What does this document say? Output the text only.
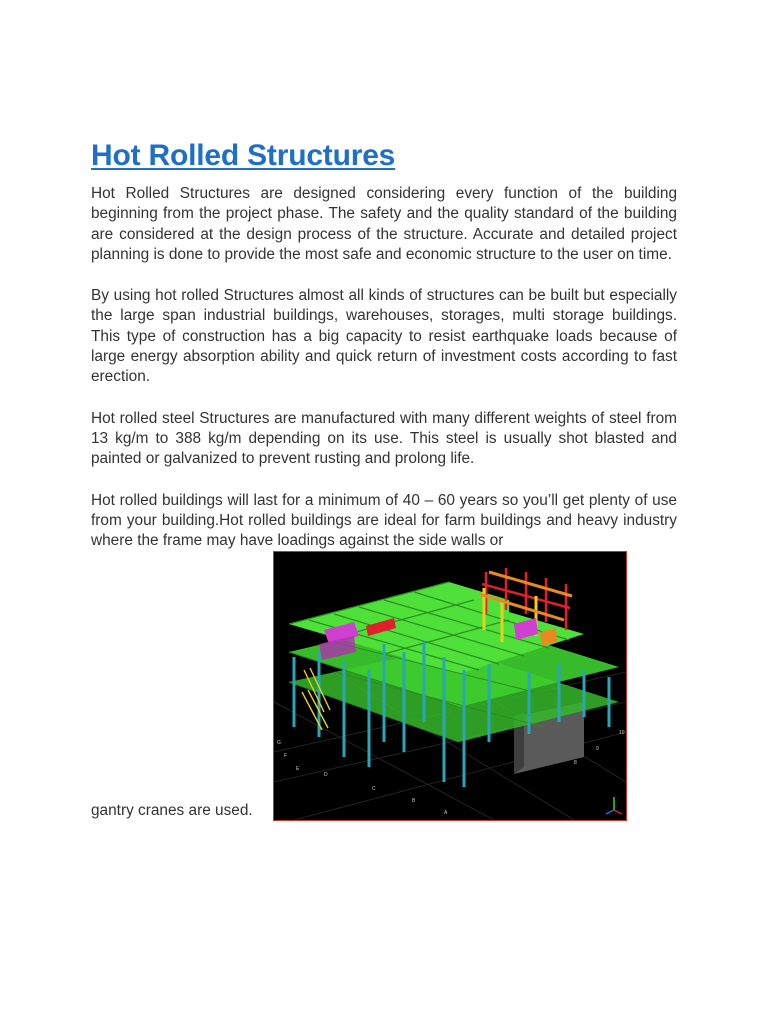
Hot Rolled Structures

Hot Rolled Structures are designed considering every function of the building beginning from the project phase. The safety and the quality standard of the building are considered at the design process of the structure. Accurate and detailed project planning is done to provide the most safe and economic structure to the user on time.

By using hot rolled Structures almost all kinds of structures can be built but especially the large span industrial buildings, warehouses, storages, multi storage buildings. This type of construction has a big capacity to resist earthquake loads because of large energy absorption ability and quick return of investment costs according to fast erection.

Hot rolled steel Structures are manufactured with many different weights of steel from 13 kg/m to 388 kg/m depending on its use. This steel is usually shot blasted and painted or galvanized to prevent rusting and prolong life.

Hot rolled buildings will last for a minimum of 40 – 60 years so you’ll get plenty of use from your building.Hot rolled buildings are ideal for farm buildings and heavy industry where the frame may have loadings against the side walls or

gantry cranes are used.
G
F
E
D
C
B
A
8
9
10
